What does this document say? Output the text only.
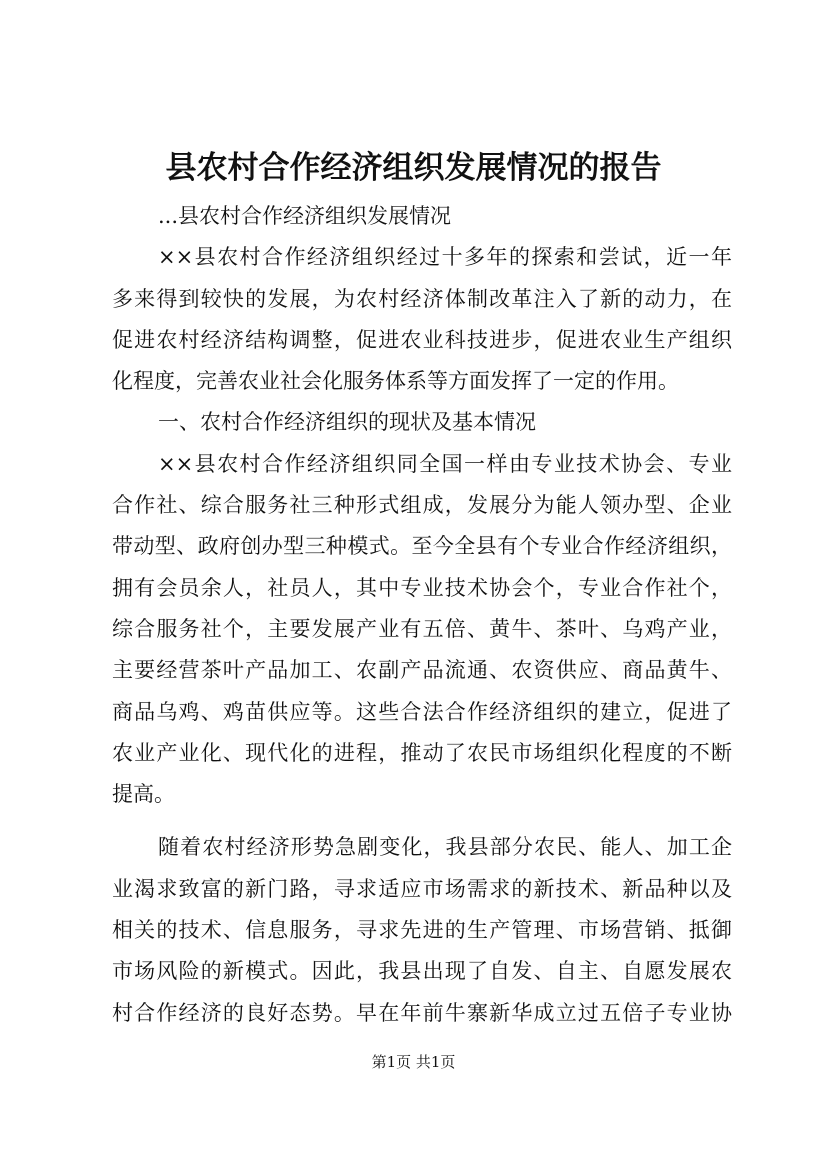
县农村合作经济组织发展情况的报告
...县农村合作经济组织发展情况
××县农村合作经济组织经过十多年的探索和尝试，近一年
多来得到较快的发展，为农村经济体制改革注入了新的动力，在
促进农村经济结构调整，促进农业科技进步，促进农业生产组织
化程度，完善农业社会化服务体系等方面发挥了一定的作用。
一、农村合作经济组织的现状及基本情况
××县农村合作经济组织同全国一样由专业技术协会、专业
合作社、综合服务社三种形式组成，发展分为能人领办型、企业
带动型、政府创办型三种模式。至今全县有个专业合作经济组织，
拥有会员余人，社员人，其中专业技术协会个，专业合作社个，
综合服务社个，主要发展产业有五倍、黄牛、茶叶、乌鸡产业，
主要经营茶叶产品加工、农副产品流通、农资供应、商品黄牛、
商品乌鸡、鸡苗供应等。这些合法合作经济组织的建立，促进了
农业产业化、现代化的进程，推动了农民市场组织化程度的不断
提高。
随着农村经济形势急剧变化，我县部分农民、能人、加工企
业渴求致富的新门路，寻求适应市场需求的新技术、新品种以及
相关的技术、信息服务，寻求先进的生产管理、市场营销、抵御
市场风险的新模式。因此，我县出现了自发、自主、自愿发展农
村合作经济的良好态势。早在年前牛寨新华成立过五倍子专业协
第1页 共1页
